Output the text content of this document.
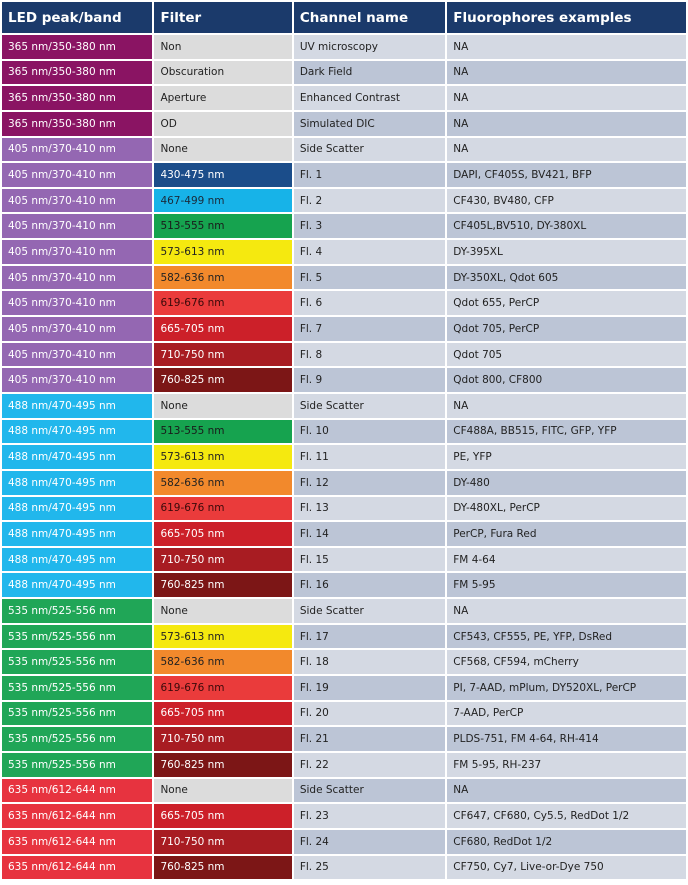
LED peak/band	Filter	Channel name	Fluorophores examples
365 nm/350-380 nm	Non	UV microscopy	NA
365 nm/350-380 nm	Obscuration	Dark Field	NA
365 nm/350-380 nm	Aperture	Enhanced Contrast	NA
365 nm/350-380 nm	OD	Simulated DIC	NA
405 nm/370-410 nm	None	Side Scatter	NA
405 nm/370-410 nm	430-475 nm	Fl. 1	DAPI, CF405S, BV421, BFP
405 nm/370-410 nm	467-499 nm	Fl. 2	CF430, BV480, CFP
405 nm/370-410 nm	513-555 nm	Fl. 3	CF405L,BV510, DY-380XL
405 nm/370-410 nm	573-613 nm	Fl. 4	DY-395XL
405 nm/370-410 nm	582-636 nm	Fl. 5	DY-350XL, Qdot 605
405 nm/370-410 nm	619-676 nm	Fl. 6	Qdot 655, PerCP
405 nm/370-410 nm	665-705 nm	Fl. 7	Qdot 705, PerCP
405 nm/370-410 nm	710-750 nm	Fl. 8	Qdot 705
405 nm/370-410 nm	760-825 nm	Fl. 9	Qdot 800, CF800
488 nm/470-495 nm	None	Side Scatter	NA
488 nm/470-495 nm	513-555 nm	Fl. 10	CF488A, BB515, FITC, GFP, YFP
488 nm/470-495 nm	573-613 nm	Fl. 11	PE, YFP
488 nm/470-495 nm	582-636 nm	Fl. 12	DY-480
488 nm/470-495 nm	619-676 nm	Fl. 13	DY-480XL, PerCP
488 nm/470-495 nm	665-705 nm	Fl. 14	PerCP, Fura Red
488 nm/470-495 nm	710-750 nm	Fl. 15	FM 4-64
488 nm/470-495 nm	760-825 nm	Fl. 16	FM 5-95
535 nm/525-556 nm	None	Side Scatter	NA
535 nm/525-556 nm	573-613 nm	Fl. 17	CF543, CF555, PE, YFP, DsRed
535 nm/525-556 nm	582-636 nm	Fl. 18	CF568, CF594, mCherry
535 nm/525-556 nm	619-676 nm	Fl. 19	PI, 7-AAD, mPlum, DY520XL, PerCP
535 nm/525-556 nm	665-705 nm	Fl. 20	7-AAD, PerCP
535 nm/525-556 nm	710-750 nm	Fl. 21	PLDS-751, FM 4-64, RH-414
535 nm/525-556 nm	760-825 nm	Fl. 22	FM 5-95, RH-237
635 nm/612-644 nm	None	Side Scatter	NA
635 nm/612-644 nm	665-705 nm	Fl. 23	CF647, CF680, Cy5.5, RedDot 1/2
635 nm/612-644 nm	710-750 nm	Fl. 24	CF680, RedDot 1/2
635 nm/612-644 nm	760-825 nm	Fl. 25	CF750, Cy7, Live-or-Dye 750
